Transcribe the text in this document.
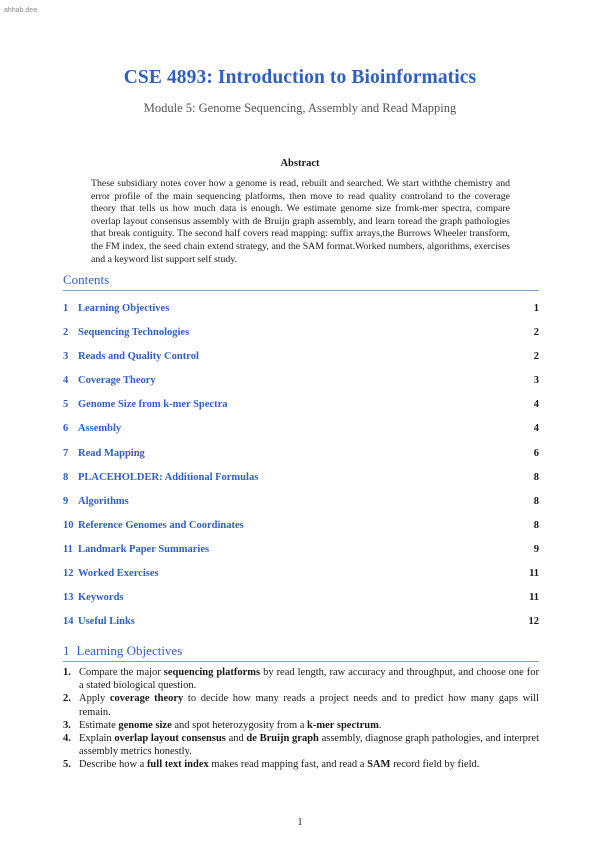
ahhab.dee
CSE 4893: Introduction to Bioinformatics
Module 5: Genome Sequencing, Assembly and Read Mapping
Abstract
These subsidiary notes cover how a genome is read, rebuilt and searched. We start withthe chemistry and error profile of the main sequencing platforms, then move to read quality controland to the coverage theory that tells us how much data is enough. We estimate genome size fromk-mer spectra, compare overlap layout consensus assembly with de Bruijn graph assembly, and learn toread the graph pathologies that break contiguity. The second half covers read mapping: suffix arrays,the Burrows Wheeler transform, the FM index, the seed chain extend strategy, and the SAM format.Worked numbers, algorithms, exercises and a keyword list support self study.
Contents
1 Learning Objectives	1
2 Sequencing Technologies	2
3 Reads and Quality Control	2
4 Coverage Theory	3
5 Genome Size from k-mer Spectra	4
6 Assembly	4
7 Read Mapping	6
8 PLACEHOLDER: Additional Formulas	8
9 Algorithms	8
10 Reference Genomes and Coordinates	8
11 Landmark Paper Summaries	9
12 Worked Exercises	11
13 Keywords	11
14 Useful Links	12
1 Learning Objectives
1. Compare the major sequencing platforms by read length, raw accuracy and throughput, and choose one for a stated biological question.
2. Apply coverage theory to decide how many reads a project needs and to predict how many gaps will remain.
3. Estimate genome size and spot heterozygosity from a k-mer spectrum.
4. Explain overlap layout consensus and de Bruijn graph assembly, diagnose graph pathologies, and interpret assembly metrics honestly.
5. Describe how a full text index makes read mapping fast, and read a SAM record field by field.
1
